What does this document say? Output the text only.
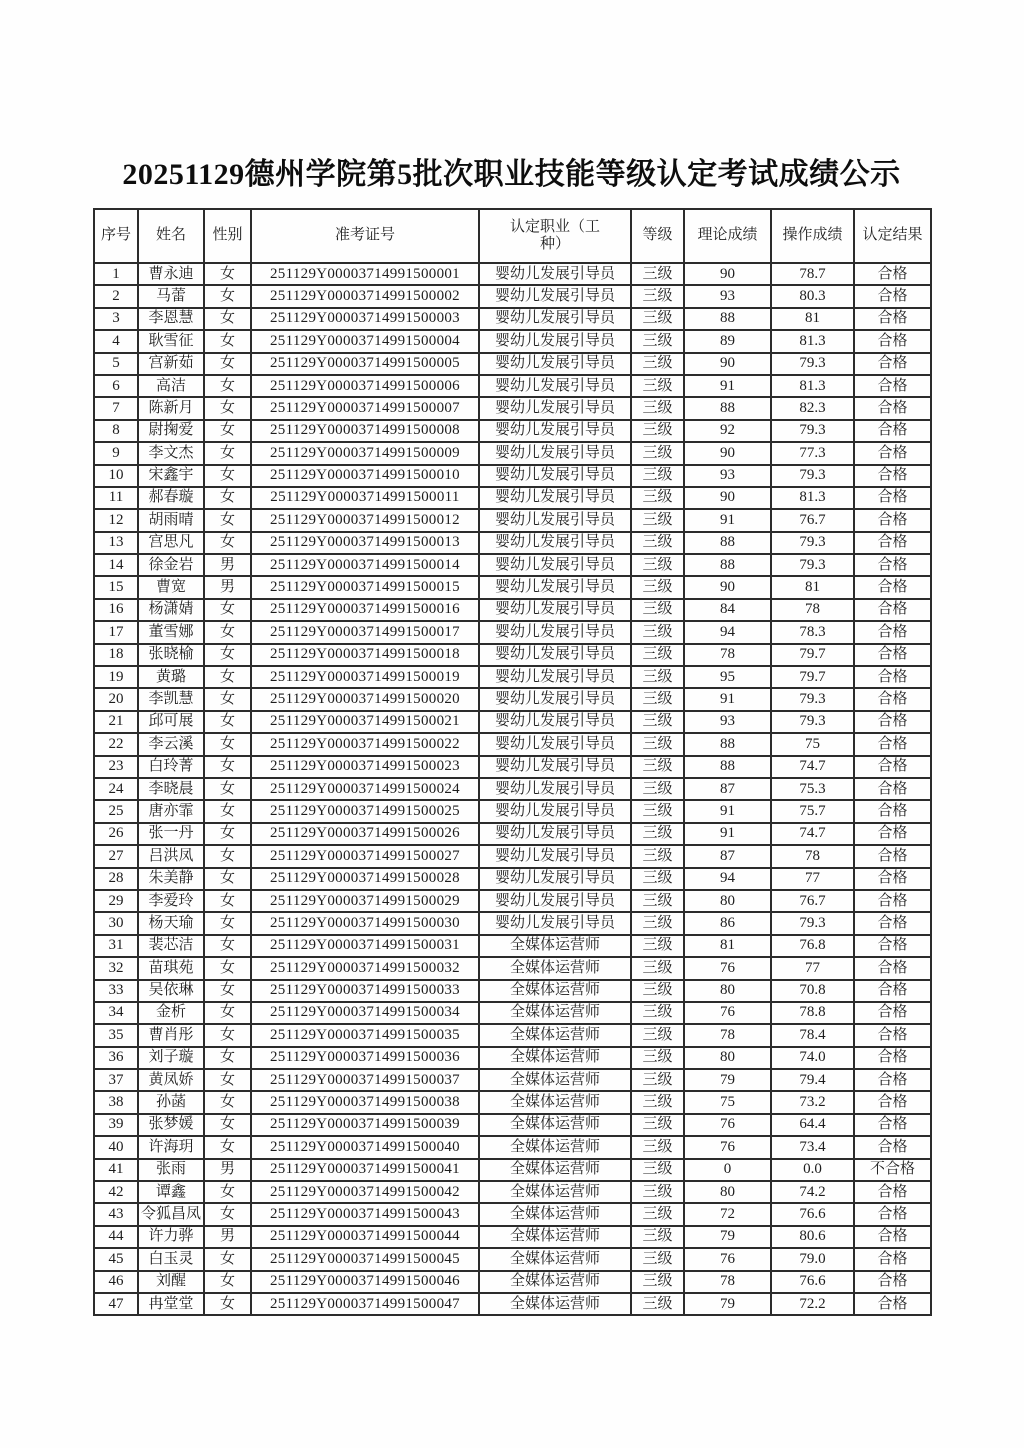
20251129德州学院第5批次职业技能等级认定考试成绩公示
序号	姓名	性别	准考证号	认定职业（工种）	等级	理论成绩	操作成绩	认定结果
1	曹永迪	女	251129Y00003714991500001	婴幼儿发展引导员	三级	90	78.7	合格
2	马蕾	女	251129Y00003714991500002	婴幼儿发展引导员	三级	93	80.3	合格
3	李恩慧	女	251129Y00003714991500003	婴幼儿发展引导员	三级	88	81	合格
4	耿雪征	女	251129Y00003714991500004	婴幼儿发展引导员	三级	89	81.3	合格
5	宫新茹	女	251129Y00003714991500005	婴幼儿发展引导员	三级	90	79.3	合格
6	高洁	女	251129Y00003714991500006	婴幼儿发展引导员	三级	91	81.3	合格
7	陈新月	女	251129Y00003714991500007	婴幼儿发展引导员	三级	88	82.3	合格
8	尉掬爱	女	251129Y00003714991500008	婴幼儿发展引导员	三级	92	79.3	合格
9	李文杰	女	251129Y00003714991500009	婴幼儿发展引导员	三级	90	77.3	合格
10	宋鑫宇	女	251129Y00003714991500010	婴幼儿发展引导员	三级	93	79.3	合格
11	郝春璇	女	251129Y00003714991500011	婴幼儿发展引导员	三级	90	81.3	合格
12	胡雨晴	女	251129Y00003714991500012	婴幼儿发展引导员	三级	91	76.7	合格
13	宫思凡	女	251129Y00003714991500013	婴幼儿发展引导员	三级	88	79.3	合格
14	徐金岩	男	251129Y00003714991500014	婴幼儿发展引导员	三级	88	79.3	合格
15	曹宽	男	251129Y00003714991500015	婴幼儿发展引导员	三级	90	81	合格
16	杨潇婧	女	251129Y00003714991500016	婴幼儿发展引导员	三级	84	78	合格
17	董雪娜	女	251129Y00003714991500017	婴幼儿发展引导员	三级	94	78.3	合格
18	张晓榆	女	251129Y00003714991500018	婴幼儿发展引导员	三级	78	79.7	合格
19	黄璐	女	251129Y00003714991500019	婴幼儿发展引导员	三级	95	79.7	合格
20	李凯慧	女	251129Y00003714991500020	婴幼儿发展引导员	三级	91	79.3	合格
21	邱可展	女	251129Y00003714991500021	婴幼儿发展引导员	三级	93	79.3	合格
22	李云溪	女	251129Y00003714991500022	婴幼儿发展引导员	三级	88	75	合格
23	白玲菁	女	251129Y00003714991500023	婴幼儿发展引导员	三级	88	74.7	合格
24	李晓晨	女	251129Y00003714991500024	婴幼儿发展引导员	三级	87	75.3	合格
25	唐亦霏	女	251129Y00003714991500025	婴幼儿发展引导员	三级	91	75.7	合格
26	张一丹	女	251129Y00003714991500026	婴幼儿发展引导员	三级	91	74.7	合格
27	吕洪凤	女	251129Y00003714991500027	婴幼儿发展引导员	三级	87	78	合格
28	朱美静	女	251129Y00003714991500028	婴幼儿发展引导员	三级	94	77	合格
29	李爱玲	女	251129Y00003714991500029	婴幼儿发展引导员	三级	80	76.7	合格
30	杨天瑜	女	251129Y00003714991500030	婴幼儿发展引导员	三级	86	79.3	合格
31	裴芯洁	女	251129Y00003714991500031	全媒体运营师	三级	81	76.8	合格
32	苗琪苑	女	251129Y00003714991500032	全媒体运营师	三级	76	77	合格
33	吴依琳	女	251129Y00003714991500033	全媒体运营师	三级	80	70.8	合格
34	金析	女	251129Y00003714991500034	全媒体运营师	三级	76	78.8	合格
35	曹肖彤	女	251129Y00003714991500035	全媒体运营师	三级	78	78.4	合格
36	刘子璇	女	251129Y00003714991500036	全媒体运营师	三级	80	74.0	合格
37	黄凤娇	女	251129Y00003714991500037	全媒体运营师	三级	79	79.4	合格
38	孙菡	女	251129Y00003714991500038	全媒体运营师	三级	75	73.2	合格
39	张梦媛	女	251129Y00003714991500039	全媒体运营师	三级	76	64.4	合格
40	许海玥	女	251129Y00003714991500040	全媒体运营师	三级	76	73.4	合格
41	张雨	男	251129Y00003714991500041	全媒体运营师	三级	0	0.0	不合格
42	谭鑫	女	251129Y00003714991500042	全媒体运营师	三级	80	74.2	合格
43	令狐昌凤	女	251129Y00003714991500043	全媒体运营师	三级	72	76.6	合格
44	许力骅	男	251129Y00003714991500044	全媒体运营师	三级	79	80.6	合格
45	白玉灵	女	251129Y00003714991500045	全媒体运营师	三级	76	79.0	合格
46	刘醒	女	251129Y00003714991500046	全媒体运营师	三级	78	76.6	合格
47	冉堂堂	女	251129Y00003714991500047	全媒体运营师	三级	79	72.2	合格
